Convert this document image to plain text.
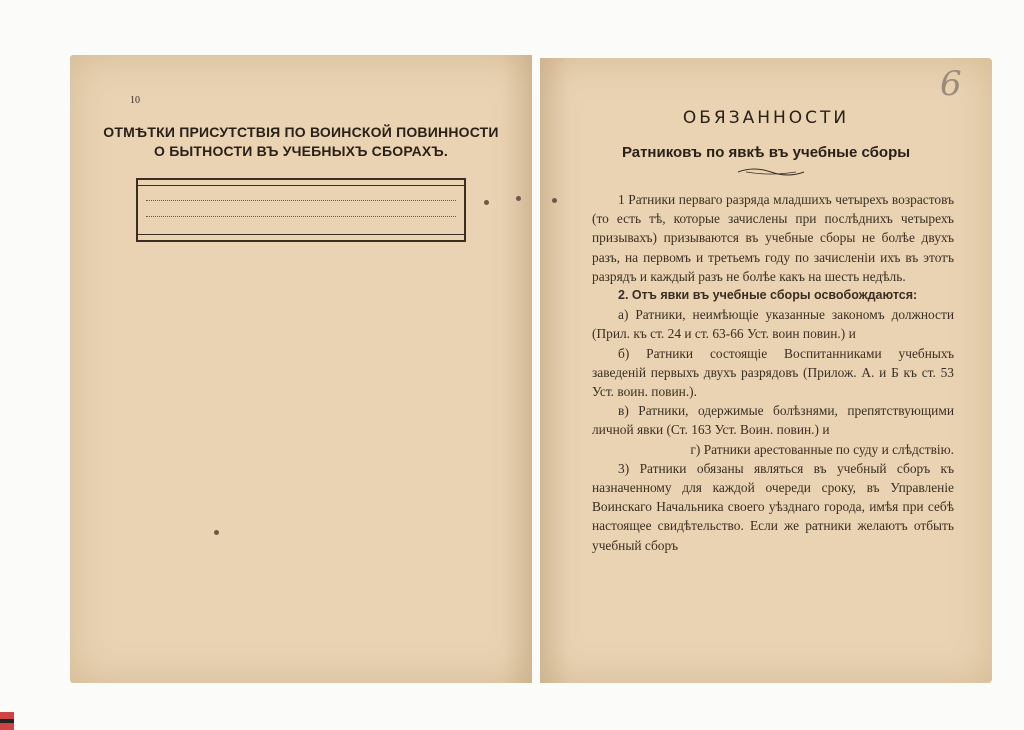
10
ОТМѢТКИ ПРИСУТСТВІЯ ПО ВОИНСКОЙ ПОВИННОСТИ
О БЫТНОСТИ ВЪ УЧЕБНЫХЪ СБОРАХЪ.
6
ОБЯЗАННОСТИ
Ратниковъ по явкѣ въ учебные сборы

1 Ратники перваго разряда младшихъ четырехъ возрастовъ (то есть тѣ, которые зачислены при послѣднихъ четырехъ призывахъ) призываются въ учебные сборы не болѣе двухъ разъ, на первомъ и третьемъ году по зачисленіи ихъ въ этотъ разрядъ и каждый разъ не болѣе какъ на шесть недѣль.

2. Отъ явки въ учебные сборы освобождаются:

а) Ратники, неимѣющіе указанные закономъ должности (Прил. къ ст. 24 и ст. 63-66 Уст. воин повин.) и

б) Ратники состоящіе Воспитанниками учебныхъ заведеній первыхъ двухъ разрядовъ (Прилож. А. и Б къ ст. 53 Уст. воин. повин.).

в) Ратники, одержимые болѣзнями, препятствующими личной явки (Ст. 163 Уст. Воин. повин.) и

г) Ратники арестованные по суду и слѣдствію.

3) Ратники обязаны являться въ учебный сборъ къ назначенному для каждой очереди сроку, въ Управленіе Воинскаго Начальника своего уѣзднаго города, имѣя при себѣ настоящее свидѣтельство. Если же ратники желаютъ отбыть учебный сборъ
